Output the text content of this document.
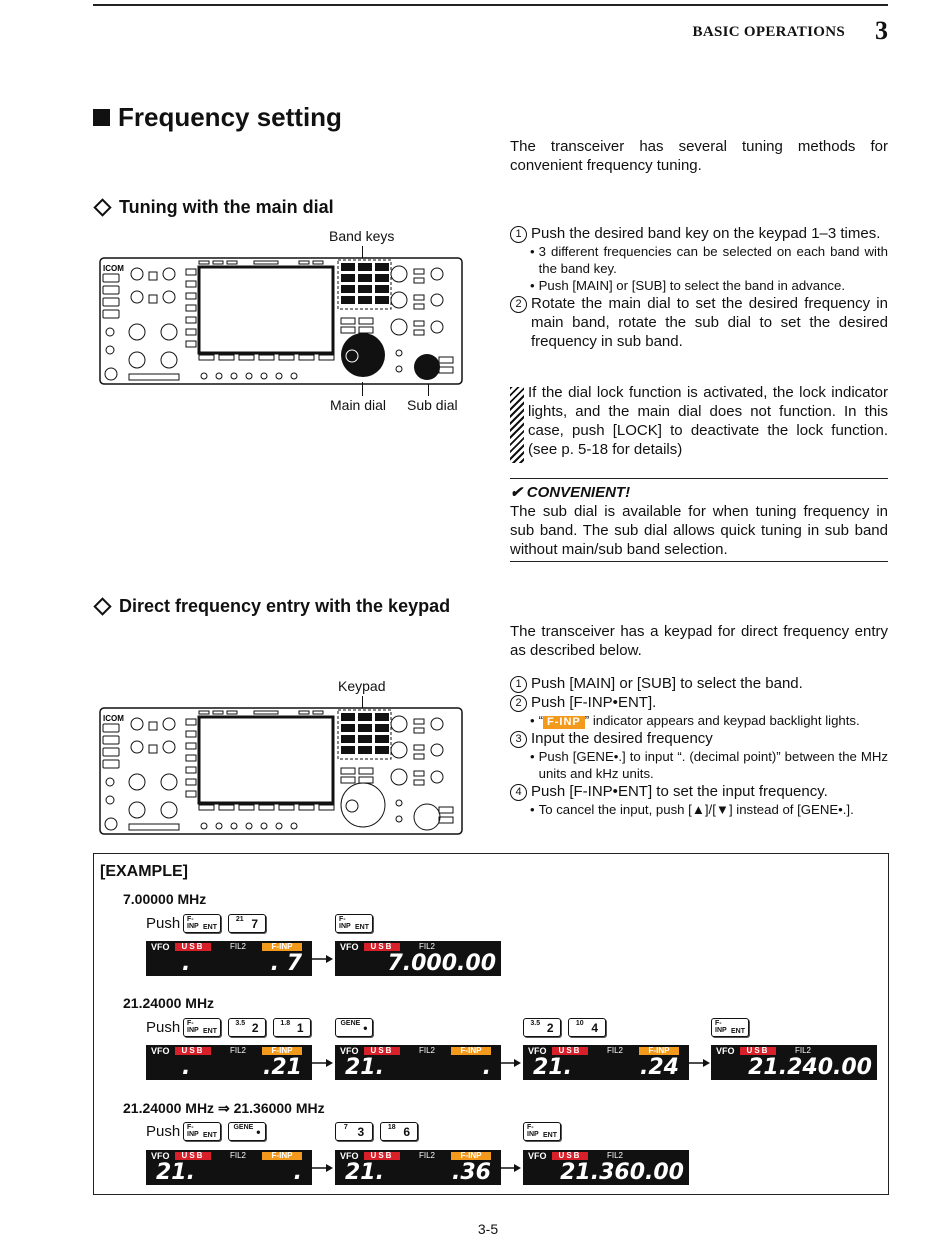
BASIC OPERATIONS 3
Frequency setting
The transceiver has several tuning methods for convenient frequency tuning.
Tuning with the main dial
Band keys
ICOM
Main dial Sub dial
1 Push the desired band key on the keypad 1–3 times.
• 3 different frequencies can be selected on each band with the band key.
• Push [MAIN] or [SUB] to select the band in advance.
2 Rotate the main dial to set the desired frequency in main band, rotate the sub dial to set the desired frequency in sub band.
If the dial lock function is activated, the lock indicator lights, and the main dial does not function. In this case, push [LOCK] to deactivate the lock function. (see p. 5-18 for details)
✔ CONVENIENT!
The sub dial is available for when tuning frequency in sub band. The sub dial allows quick tuning in sub band without main/sub band selection.
Direct frequency entry with the keypad
The transceiver has a keypad for direct frequency entry as described below.
Keypad
ICOM
1 Push [MAIN] or [SUB] to select the band.
2 Push [F-INP•ENT].
• “ F-INP ” indicator appears and keypad backlight lights.
3 Input the desired frequency
• Push [GENE•.] to input “. (decimal point)” between the MHz units and kHz units.
4 Push [F-INP•ENT] to set the input frequency.
• To cancel the input, push [▲]/[▼] instead of [GENE•.].
[EXAMPLE]
7.00000 MHz
Push F-INP ENT
21 7	F-INP ENT
VFO	USB	FIL2	F-INP
.	. 7
VFO	USB	FIL2
7.000.00
21.24000 MHz
Push F-INP ENT
3.5 2	1.8 1	GENE •	3.5 2	10 4	F-INP ENT
VFO	USB	FIL2	F-INP
.	.21
VFO	USB	FIL2	F-INP
21.	.
VFO	USB	FIL2	F-INP
21.	.24
VFO	USB	FIL2
21.240.00
21.24000 MHz ⇒ 21.36000 MHz
Push F-INP ENT
GENE •	7 3	18 6	F-INP ENT
VFO	USB	FIL2	F-INP
21.	.
VFO	USB	FIL2	F-INP
21.	.36
VFO	USB	FIL2
21.360.00
3-5
